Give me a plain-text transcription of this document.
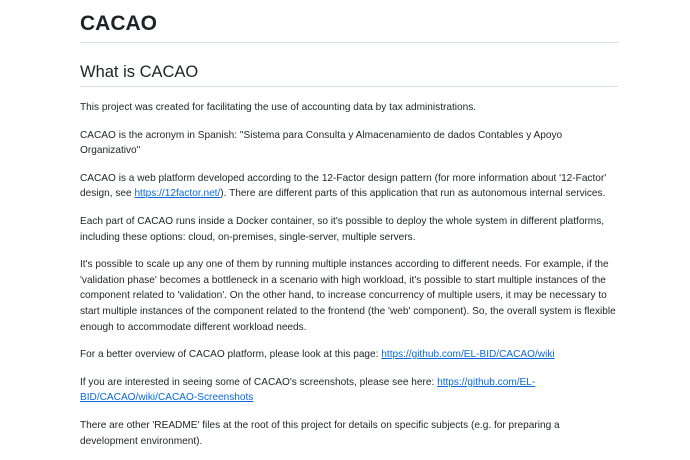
CACAO
What is CACAO

This project was created for facilitating the use of accounting data by tax administrations.

CACAO is the acronym in Spanish: "Sistema para Consulta y Almacenamiento de dados Contables y Apoyo Organizativo"

CACAO is a web platform developed according to the 12-Factor design pattern (for more information about '12-Factor' design, see https://12factor.net/). There are different parts of this application that run as autonomous internal services.

Each part of CACAO runs inside a Docker container, so it's possible to deploy the whole system in different platforms, including these options: cloud, on-premises, single-server, multiple servers.

It's possible to scale up any one of them by running multiple instances according to different needs. For example, if the 'validation phase' becomes a bottleneck in a scenario with high workload, it's possible to start multiple instances of the component related to 'validation'. On the other hand, to increase concurrency of multiple users, it may be necessary to start multiple instances of the component related to the frontend (the 'web' component). So, the overall system is flexible enough to accommodate different workload needs.

For a better overview of CACAO platform, please look at this page: https://github.com/EL-BID/CACAO/wiki

If you are interested in seeing some of CACAO's screenshots, please see here: https://github.com/EL-BID/CACAO/wiki/CACAO-Screenshots

There are other 'README' files at the root of this project for details on specific subjects (e.g. for preparing a development environment).
